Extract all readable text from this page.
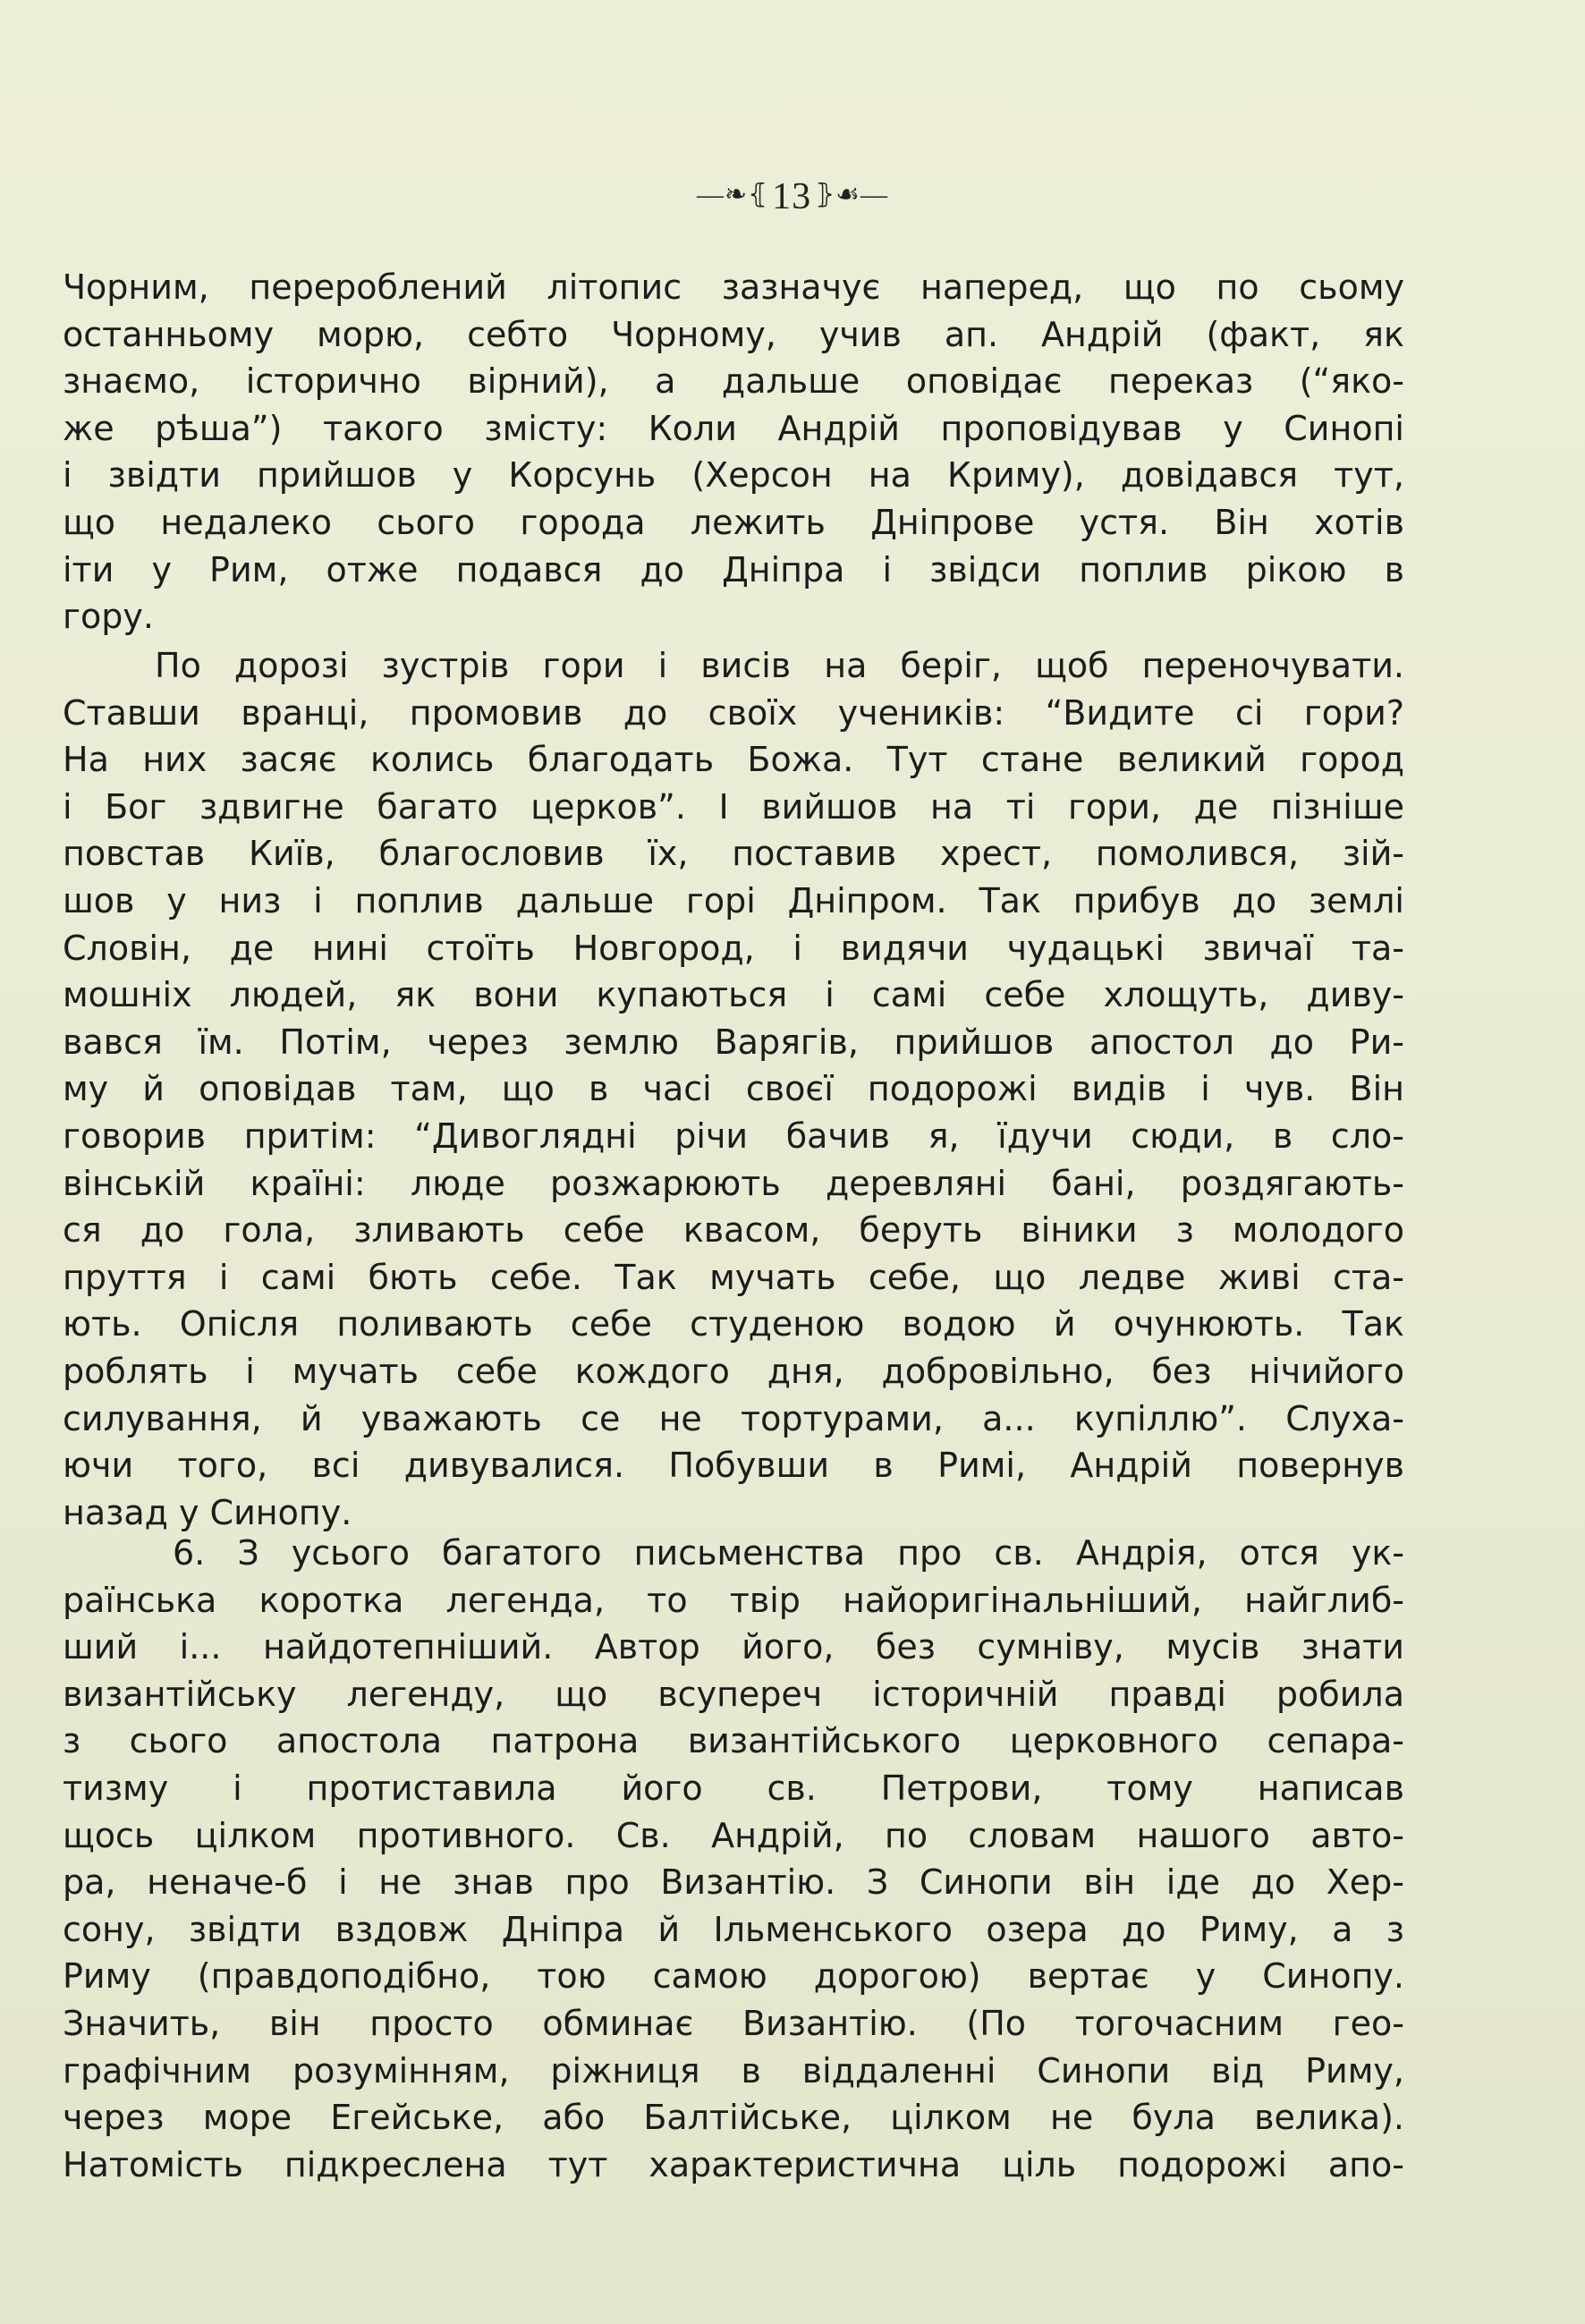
—❧⦃13 ⦄☙—
Чорним, перероблений літопис зазначує наперед, що по сьому
останньому морю, себто Чорному, учив ап. Андрій (факт, як
знаємо, історично вірний), а дальше оповідає переказ (“яко-
же рѣша”) такого змісту: Коли Андрій проповідував у Синопі
і звідти прийшов у Корсунь (Херсон на Криму), довідався тут,
що недалеко сього города лежить Дніпрове устя. Він хотів
іти у Рим, отже подався до Дніпра і звідси поплив рікою в
гору.
По дорозі зустрів гори і висів на беріг, щоб переночувати.
Ставши вранці, промовив до своїх учеників: “Видите сі гори?
На них засяє колись благодать Божа. Тут стане великий город
і Бог здвигне багато церков”. І вийшов на ті гори, де пізніше
повстав Київ, благословив їх, поставив хрест, помолився, зій-
шов у низ і поплив дальше горі Дніпром. Так прибув до землі
Словін, де нині стоїть Новгород, і видячи чудацькі звичаї та-
мошніх людей, як вони купаються і самі себе хлощуть, диву-
вався їм. Потім, через землю Варягів, прийшов апостол до Ри-
му й оповідав там, що в часі своєї подорожі видів і чув. Він
говорив притім: “Дивоглядні річи бачив я, їдучи сюди, в сло-
вінській країні: люде розжарюють деревляні бані, роздягають-
ся до гола, зливають себе квасом, беруть віники з молодого
пруття і самі бють себе. Так мучать себе, що ледве живі ста-
ють. Опісля поливають себе студеною водою й очунюють. Так
роблять і мучать себе кождого дня, добровільно, без нічийого
силування, й уважають се не тортурами, а... купіллю”. Слуха-
ючи того, всі дивувалися. Побувши в Римі, Андрій повернув
назад у Синопу.
6. З усього багатого письменства про св. Андрія, отся ук-
раїнська коротка легенда, то твір найоригінальніший, найглиб-
ший і... найдотепніший. Автор його, без сумніву, мусів знати
византійську легенду, що всупереч історичній правді робила
з сього апостола патрона византійського церковного сепара-
тизму і протиставила його св. Петрови, тому написав
щось цілком противного. Св. Андрій, по словам нашого авто-
ра, неначе-б і не знав про Византію. З Синопи він іде до Хер-
сону, звідти вздовж Дніпра й Ільменського озера до Риму, а з
Риму (правдоподібно, тою самою дорогою) вертає у Синопу.
Значить, він просто обминає Византію. (По тогочасним гео-
графічним розумінням, ріжниця в віддаленні Синопи від Риму,
через море Егейське, або Балтійське, цілком не була велика).
Натомість підкреслена тут характеристична ціль подорожі апо-
